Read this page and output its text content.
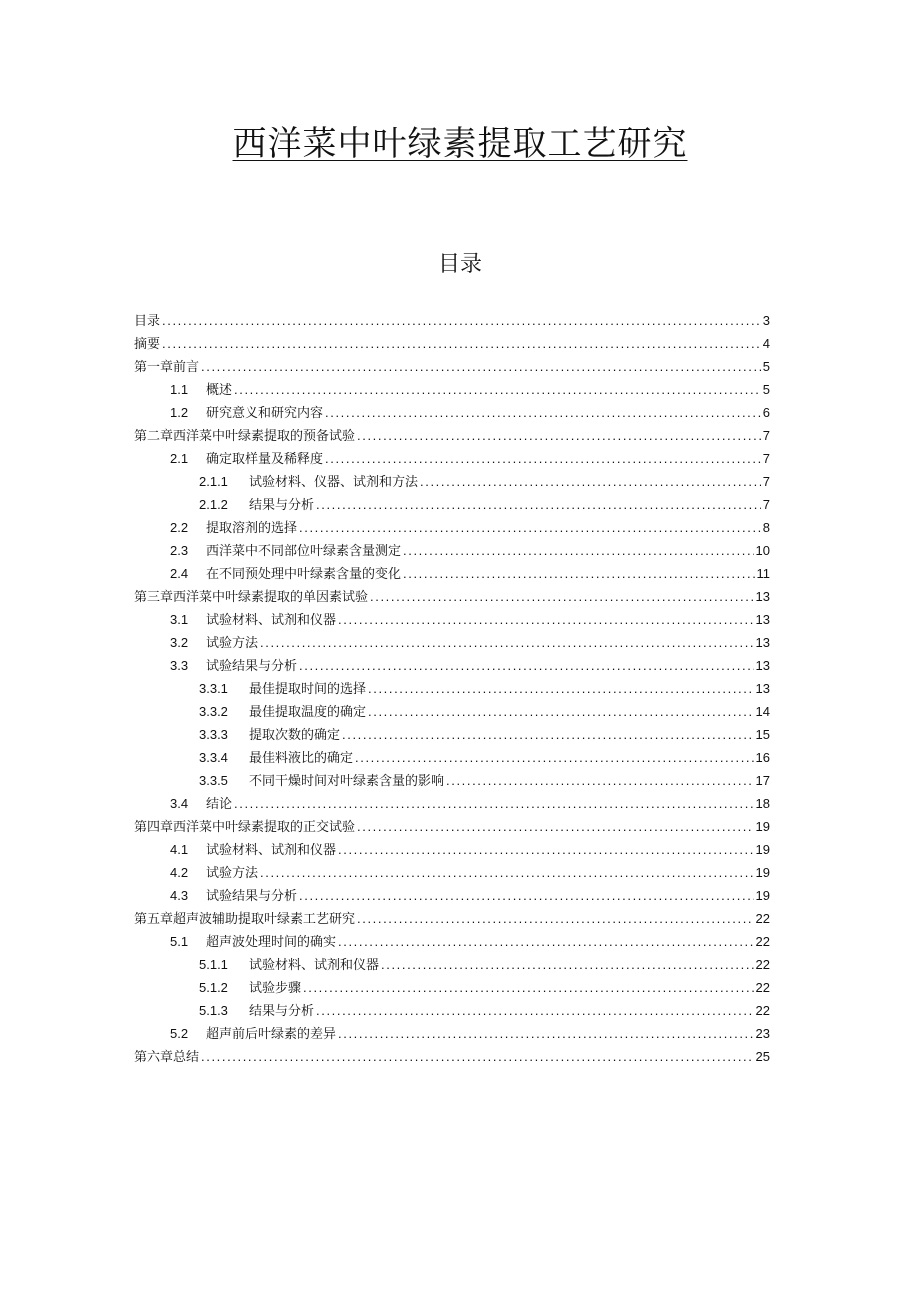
西洋菜中叶绿素提取工艺研究
目录
目录 .....	3
摘要 .....	4
第一章前言 .....	5
1.1	概述 .....	5
1.2	研究意义和研究内容 .....	6
第二章西洋菜中叶绿素提取的预备试验 .....	7
2.1	确定取样量及稀释度 .....	7
2.1.1	试验材料、仪器、试剂和方法 .....	7
2.1.2	结果与分析 .....	7
2.2	提取溶剂的选择 .....	8
2.3	西洋菜中不同部位叶绿素含量测定 .....	10
2.4	在不同预处理中叶绿素含量的变化 .....	11
第三章西洋菜中叶绿素提取的单因素试验 .....	13
3.1	试验材料、试剂和仪器 .....	13
3.2	试验方法 .....	13
3.3	试验结果与分析 .....	13
3.3.1	最佳提取时间的选择 .....	13
3.3.2	最佳提取温度的确定 .....	14
3.3.3	提取次数的确定 .....	15
3.3.4	最佳料液比的确定 .....	16
3.3.5	不同干燥时间对叶绿素含量的影响 .....	17
3.4	结论 .....	18
第四章西洋菜中叶绿素提取的正交试验 .....	19
4.1	试验材料、试剂和仪器 .....	19
4.2	试验方法 .....	19
4.3	试验结果与分析 .....	19
第五章超声波辅助提取叶绿素工艺研究 .....	22
5.1	超声波处理时间的确实 .....	22
5.1.1	试验材料、试剂和仪器 .....	22
5.1.2	试验步骤 .....	22
5.1.3	结果与分析 .....	22
5.2	超声前后叶绿素的差异 .....	23
第六章总结 .....	25
